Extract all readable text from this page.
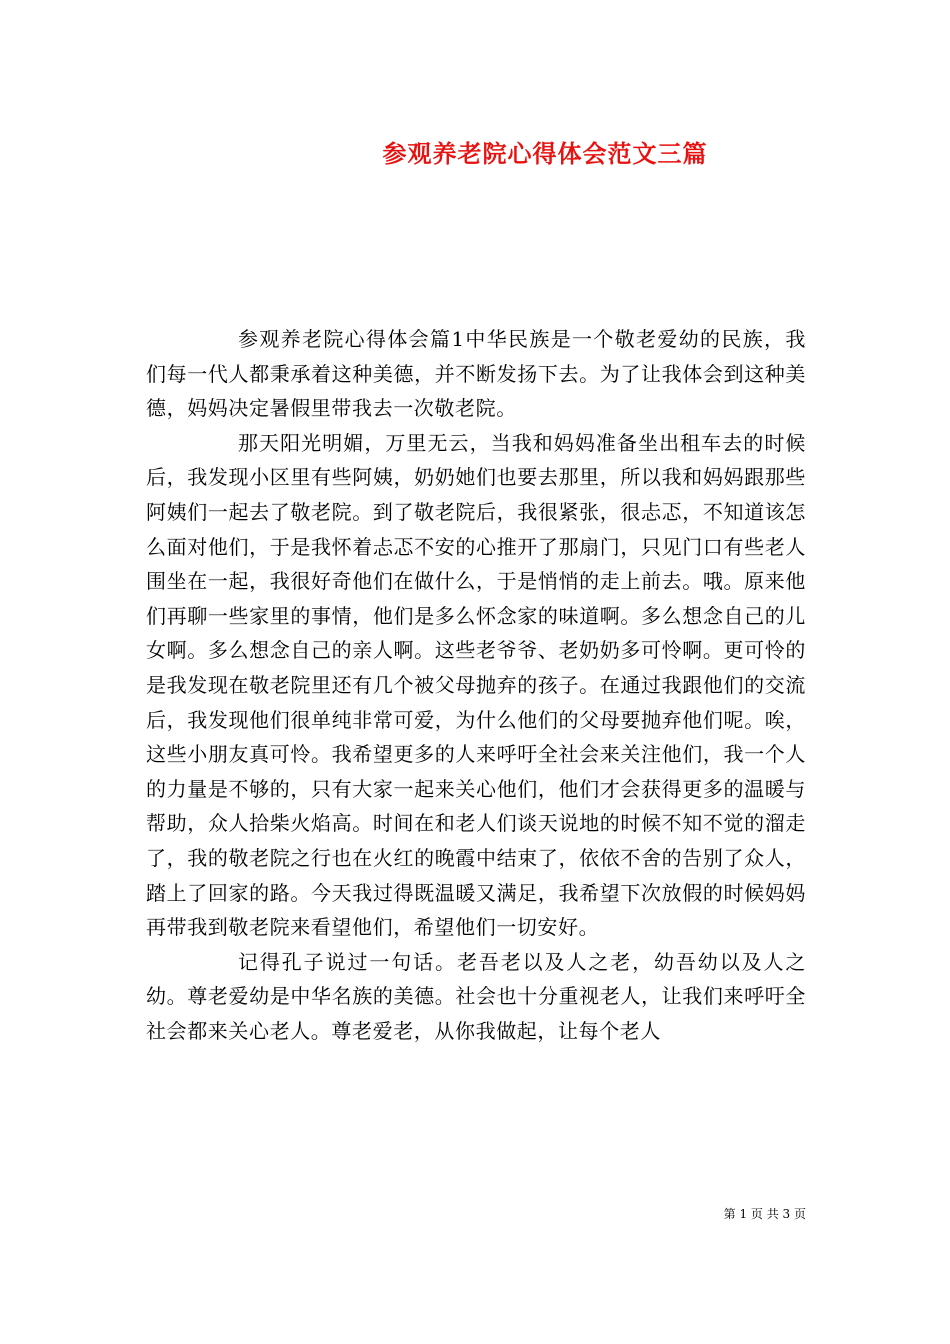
参观养老院心得体会范文三篇

参观养老院心得体会篇1中华民族是一个敬老爱幼的民族，我们每一代人都秉承着这种美德，并不断发扬下去。为了让我体会到这种美德，妈妈决定暑假里带我去一次敬老院。

那天阳光明媚，万里无云，当我和妈妈准备坐出租车去的时候后，我发现小区里有些阿姨，奶奶她们也要去那里，所以我和妈妈跟那些阿姨们一起去了敬老院。到了敬老院后，我很紧张，很忐忑，不知道该怎么面对他们，于是我怀着忐忑不安的心推开了那扇门，只见门口有些老人围坐在一起，我很好奇他们在做什么，于是悄悄的走上前去。哦。原来他们再聊一些家里的事情，他们是多么怀念家的味道啊。多么想念自己的儿女啊。多么想念自己的亲人啊。这些老爷爷、老奶奶多可怜啊。更可怜的是我发现在敬老院里还有几个被父母抛弃的孩子。在通过我跟他们的交流后，我发现他们很单纯非常可爱，为什么他们的父母要抛弃他们呢。唉，这些小朋友真可怜。我希望更多的人来呼吁全社会来关注他们，我一个人的力量是不够的，只有大家一起来关心他们，他们才会获得更多的温暖与帮助，众人拾柴火焰高。时间在和老人们谈天说地的时候不知不觉的溜走了，我的敬老院之行也在火红的晚霞中结束了，依依不舍的告别了众人，踏上了回家的路。今天我过得既温暖又满足，我希望下次放假的时候妈妈再带我到敬老院来看望他们，希望他们一切安好。

记得孔子说过一句话。老吾老以及人之老，幼吾幼以及人之幼。尊老爱幼是中华名族的美德。社会也十分重视老人，让我们来呼吁全社会都来关心老人。尊老爱老，从你我做起，让每个老人

第 1 页 共 3 页
